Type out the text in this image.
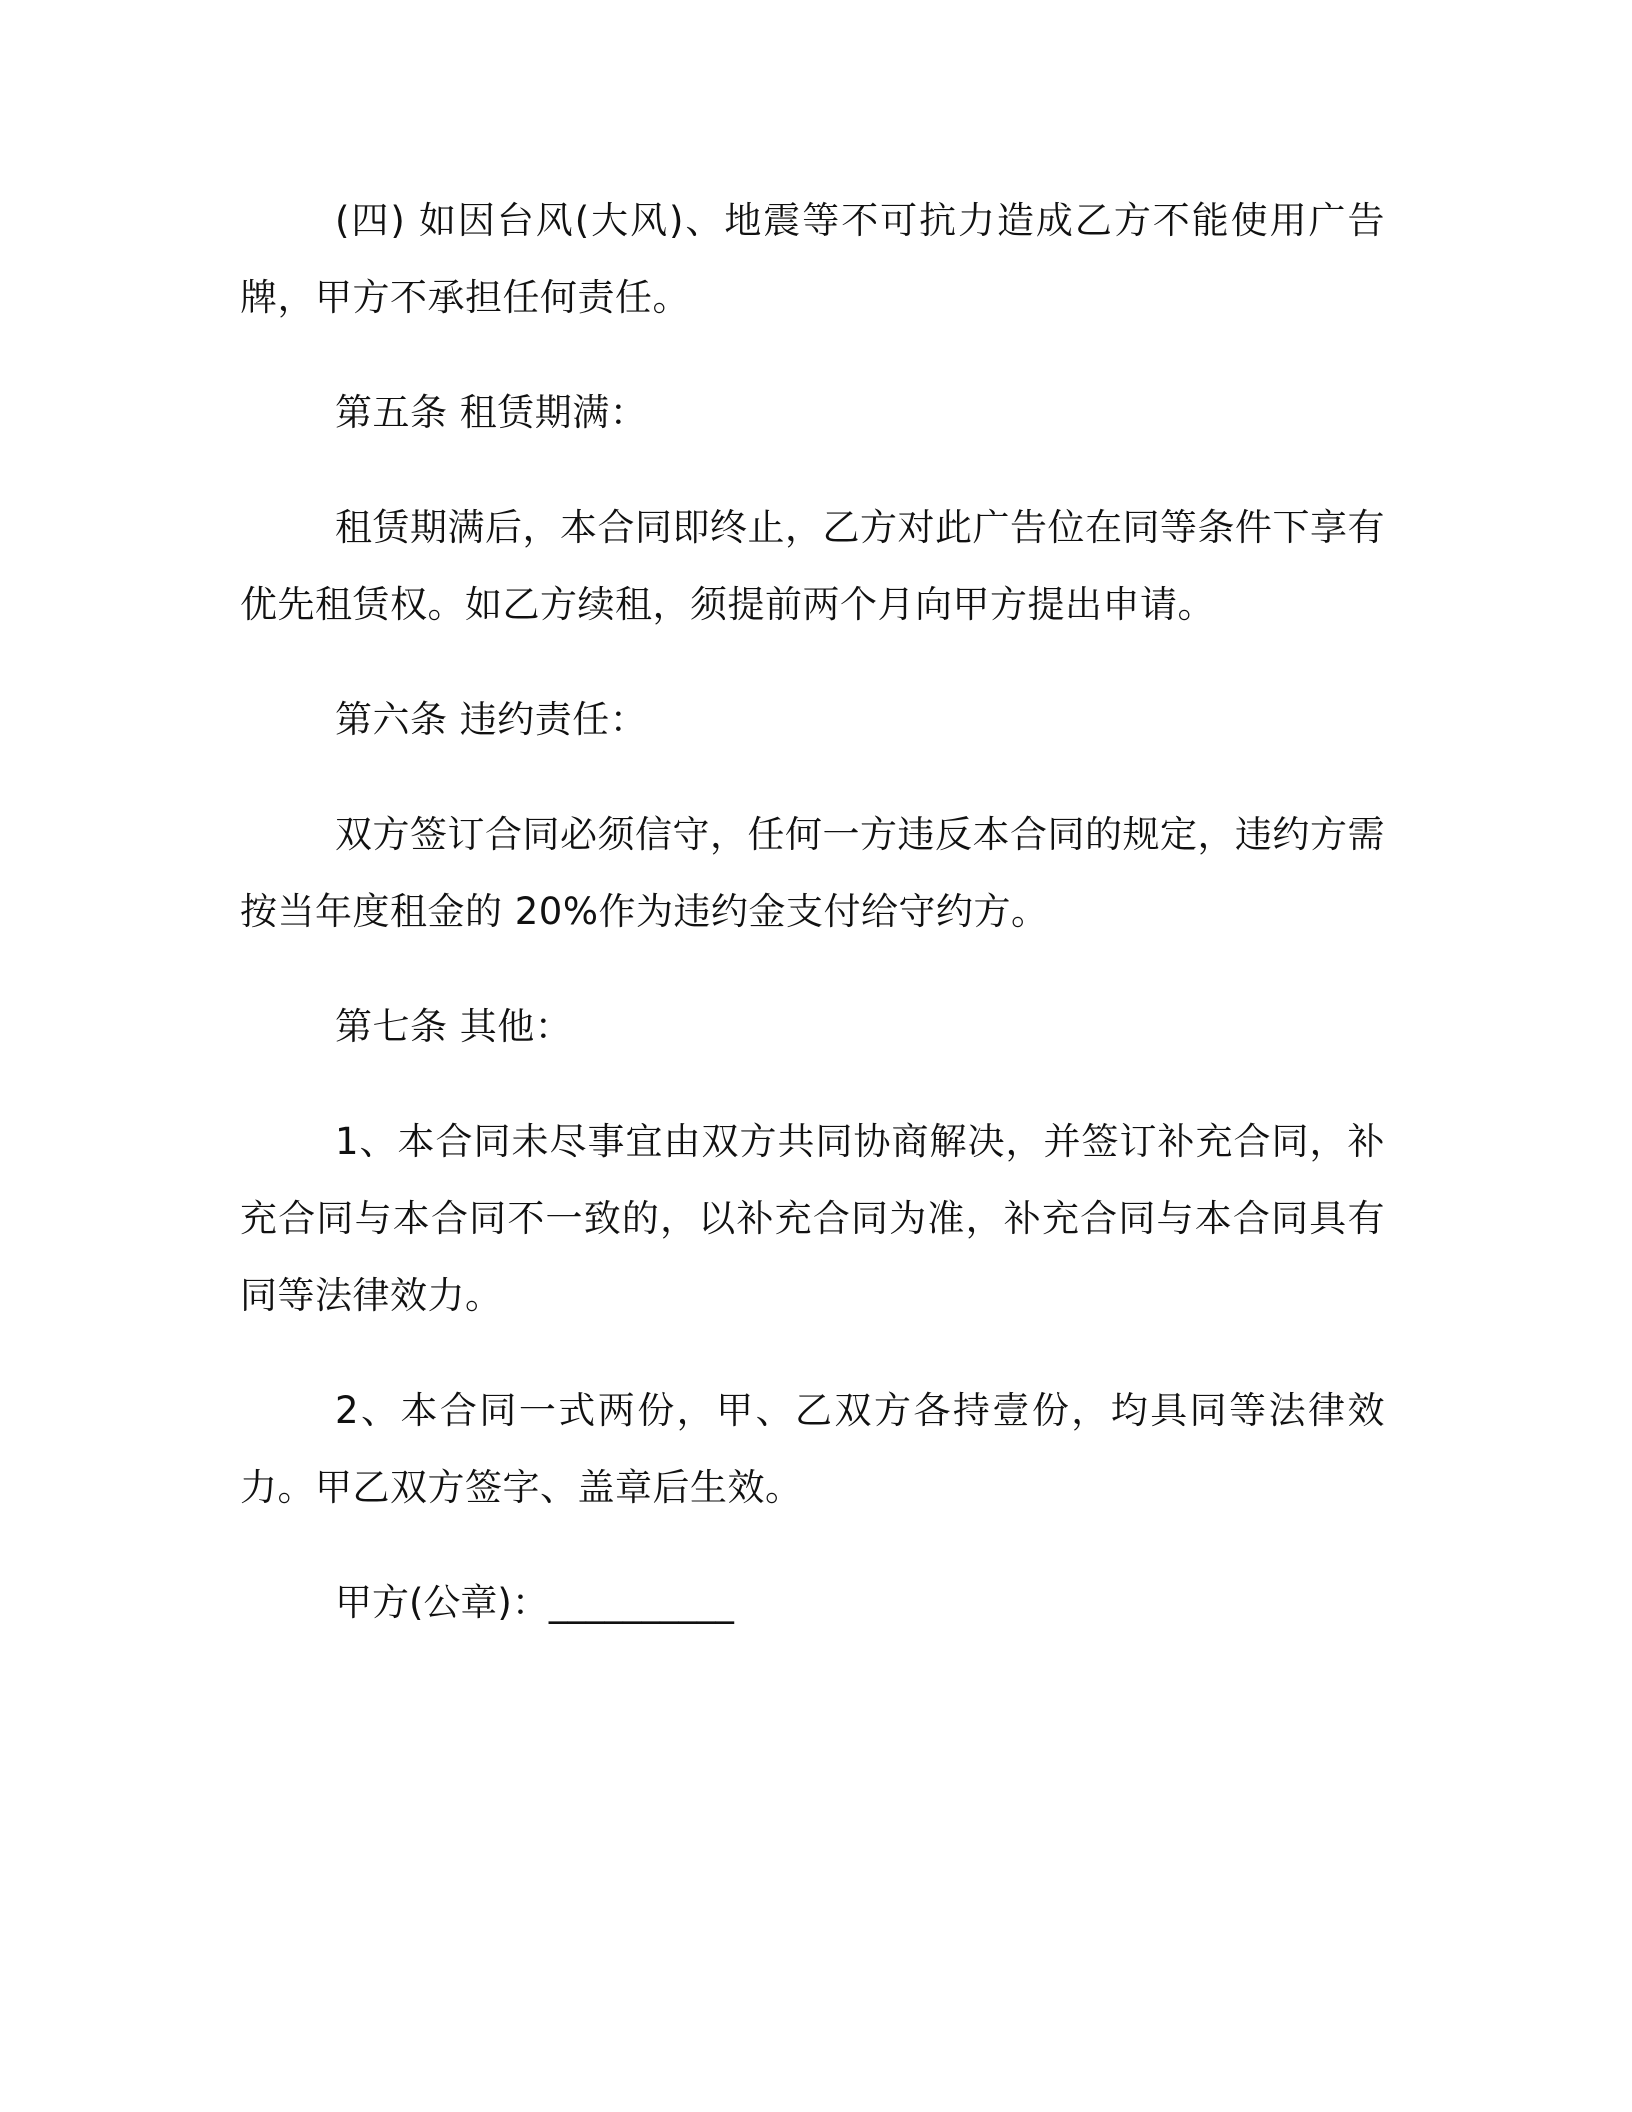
(四) 如因台风(大风)、地震等不可抗力造成乙方不能使用广告牌，甲方不承担任何责任。

第五条 租赁期满：

租赁期满后，本合同即终止，乙方对此广告位在同等条件下享有优先租赁权。如乙方续租，须提前两个月向甲方提出申请。

第六条 违约责任：

双方签订合同必须信守，任何一方违反本合同的规定，违约方需按当年度租金的 20%作为违约金支付给守约方。

第七条 其他：

1、本合同未尽事宜由双方共同协商解决，并签订补充合同，补充合同与本合同不一致的，以补充合同为准，补充合同与本合同具有同等法律效力。

2、本合同一式两份，甲、乙双方各持壹份，均具同等法律效力。甲乙双方签字、盖章后生效。

甲方(公章)：__________
